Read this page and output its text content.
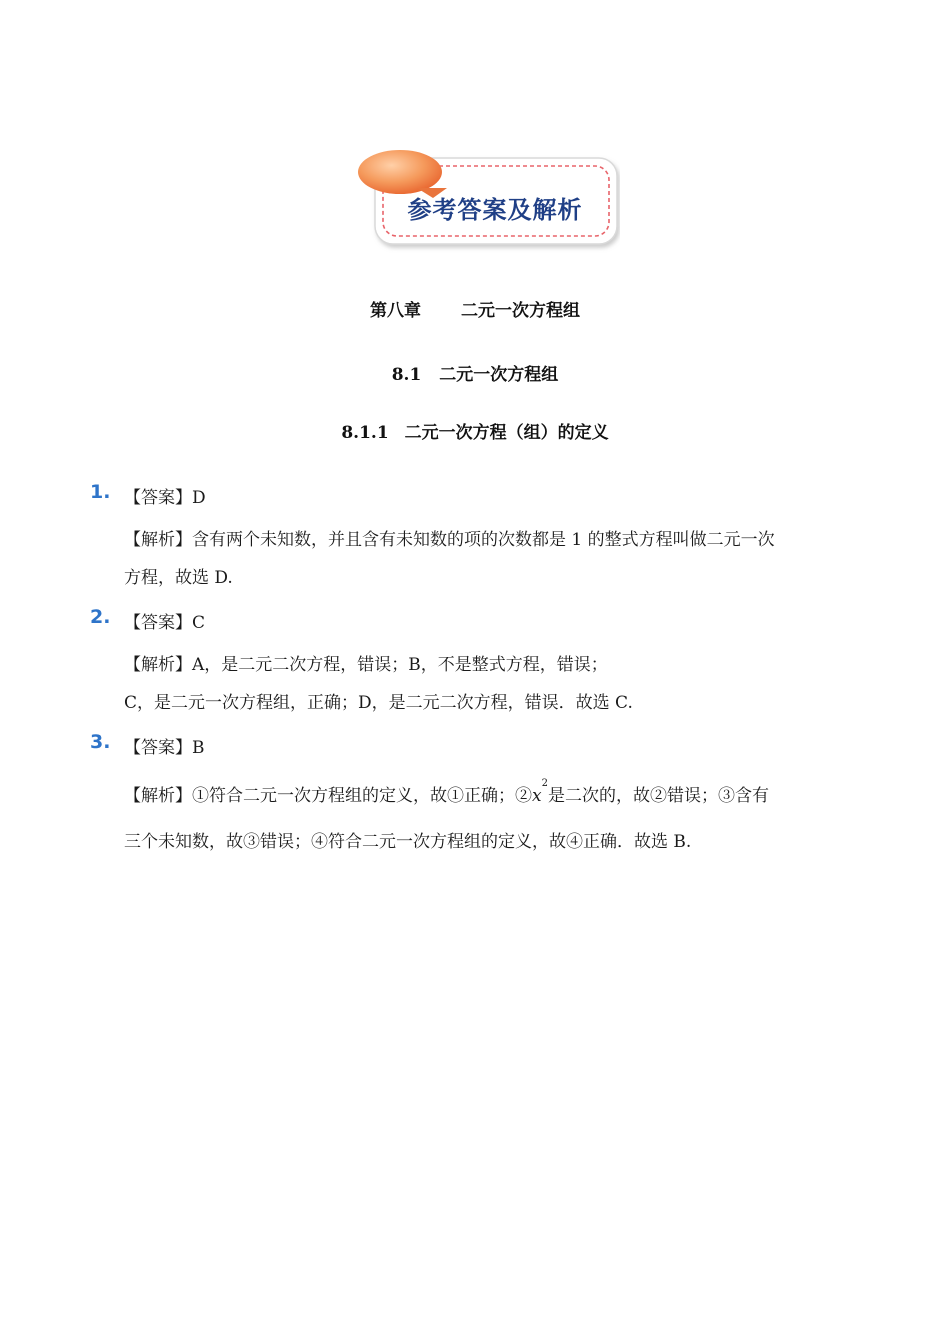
参考答案及解析
第八章 二元一次方程组
8.1 二元一次方程组
8.1.1 二元一次方程（组）的定义
1. 【答案】D
【解析】含有两个未知数，并且含有未知数的项的次数都是 1 的整式方程叫做二元一次
方程，故选 D.
2. 【答案】C
【解析】A，是二元二次方程，错误；B，不是整式方程，错误；
C，是二元一次方程组，正确；D，是二元二次方程，错误．故选 C.
3. 【答案】B
【解析】①符合二元一次方程组的定义，故①正确；$②x^2$是二次的，故②错误；③含有
三个未知数，故③错误；④符合二元一次方程组的定义，故④正确．故选 B.
